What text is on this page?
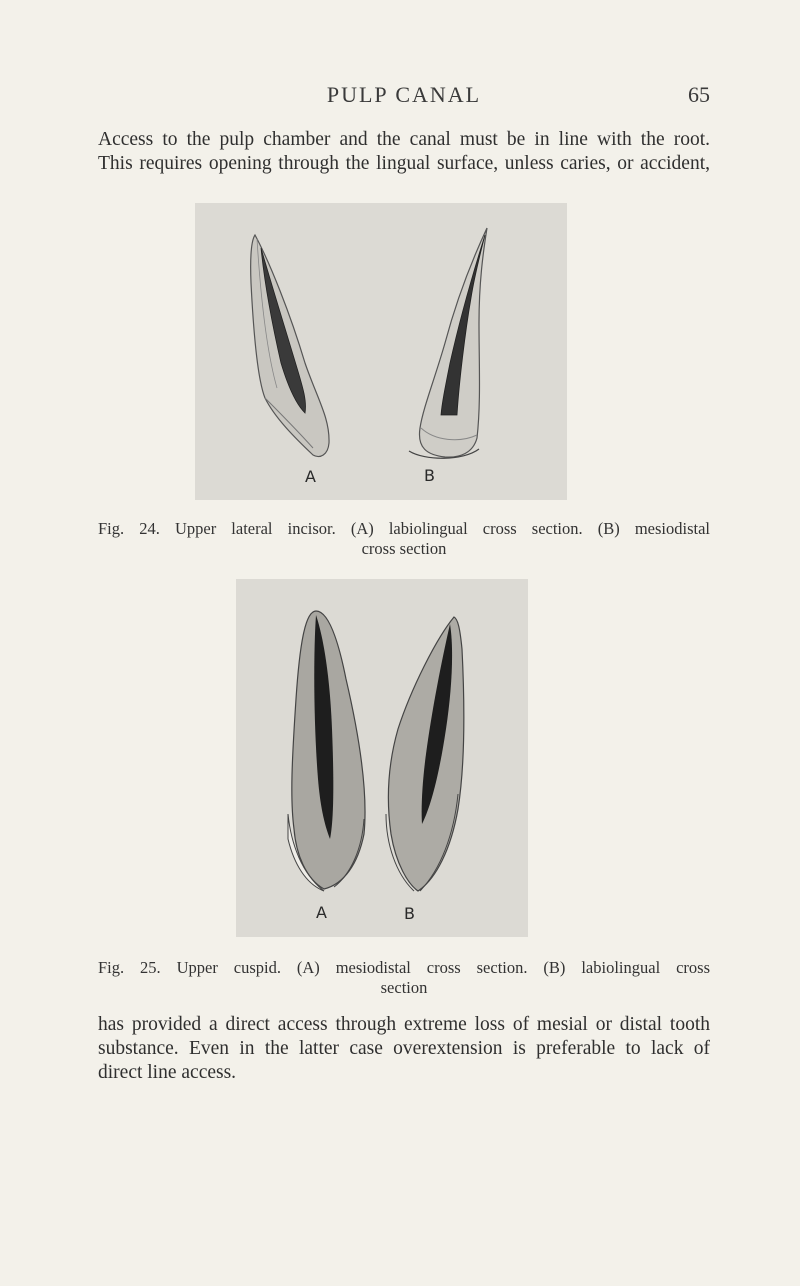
PULP CANAL	65
Access to the pulp chamber and the canal must be in line with the root.
This requires opening through the lingual surface, unless caries, or accident,
A	B
Fig. 24. Upper lateral incisor. (A) labiolingual cross section. (B) mesiodistal
cross section
A	B
Fig. 25. Upper cuspid. (A) mesiodistal cross section. (B) labiolingual cross
section
has provided a direct access through extreme loss of mesial or distal tooth
substance. Even in the latter case overextension is preferable to lack of
direct line access.
